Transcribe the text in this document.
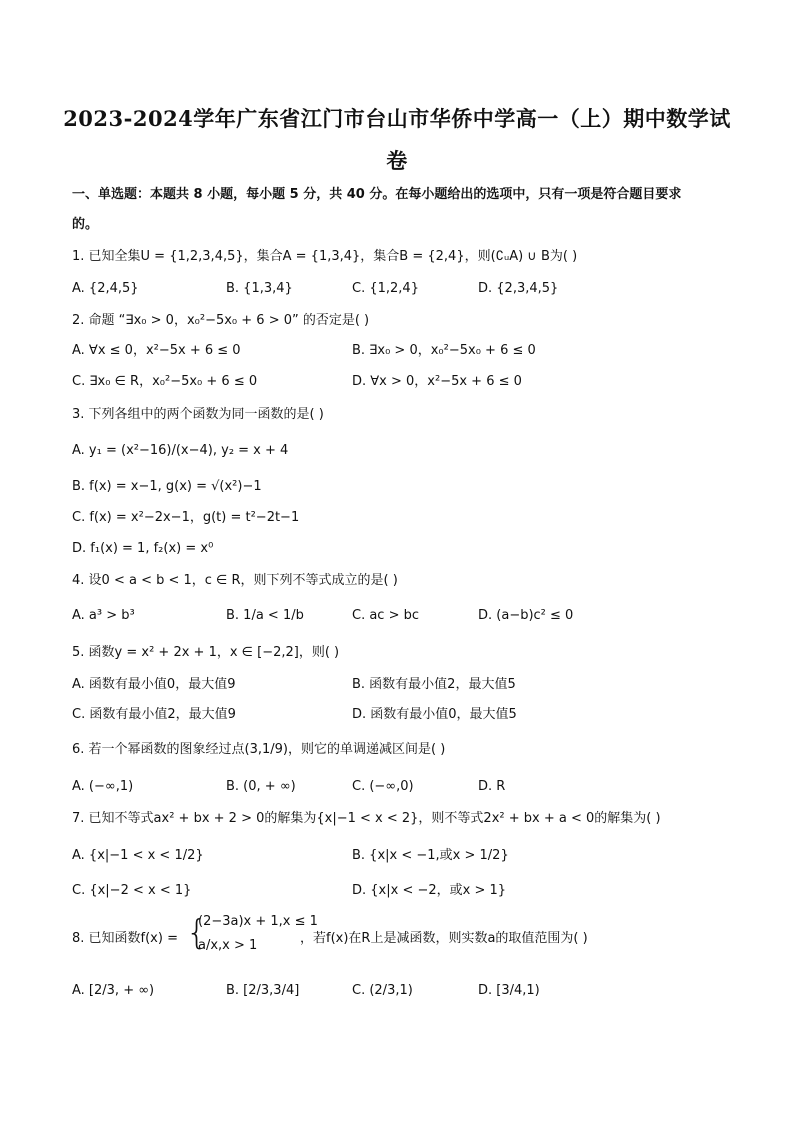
2023-2024学年广东省江门市台山市华侨中学高一（上）期中数学试
卷
一、单选题：本题共 8 小题，每小题 5 分，共 40 分。在每小题给出的选项中，只有一项是符合题目要求
的。
1. 已知全集U = {1,2,3,4,5}，集合A = {1,3,4}，集合B = {2,4}，则(∁ᵤA) ∪ B为( )
A. {2,4,5}	B. {1,3,4}	C. {1,2,4}	D. {2,3,4,5}
2. 命题 “∃x₀ > 0，x₀²−5x₀ + 6 > 0” 的否定是( )
A. ∀x ≤ 0，x²−5x + 6 ≤ 0	B. ∃x₀ > 0，x₀²−5x₀ + 6 ≤ 0
C. ∃x₀ ∈ R，x₀²−5x₀ + 6 ≤ 0	D. ∀x > 0，x²−5x + 6 ≤ 0
3. 下列各组中的两个函数为同一函数的是( )
A. y₁ = (x²−16)/(x−4), y₂ = x + 4
B. f(x) = x−1, g(x) = √(x²)−1
C. f(x) = x²−2x−1，g(t) = t²−2t−1
D. f₁(x) = 1, f₂(x) = x⁰
4. 设0 < a < b < 1，c ∈ R，则下列不等式成立的是( )
A. a³ > b³	B. 1/a < 1/b	C. ac > bc	D. (a−b)c² ≤ 0
5. 函数y = x² + 2x + 1，x ∈ [−2,2]，则( )
A. 函数有最小值0，最大值9	B. 函数有最小值2，最大值5
C. 函数有最小值2，最大值9	D. 函数有最小值0，最大值5
6. 若一个幂函数的图象经过点(3,1/9)，则它的单调递减区间是( )
A. (−∞,1)	B. (0, + ∞)	C. (−∞,0)	D. R
7. 已知不等式ax² + bx + 2 > 0的解集为{x|−1 < x < 2}，则不等式2x² + bx + a < 0的解集为( )
A. {x|−1 < x < 1/2}	B. {x|x < −1,或x > 1/2}
C. {x|−2 < x < 1}	D. {x|x < −2，或x > 1}
8. 已知函数f(x) = {
(2−3a)x + 1,x ≤ 1
a/x,x > 1	，若f(x)在R上是减函数，则实数a的取值范围为( )
A. [2/3, + ∞)	B. [2/3,3/4]	C. (2/3,1)	D. [3/4,1)
